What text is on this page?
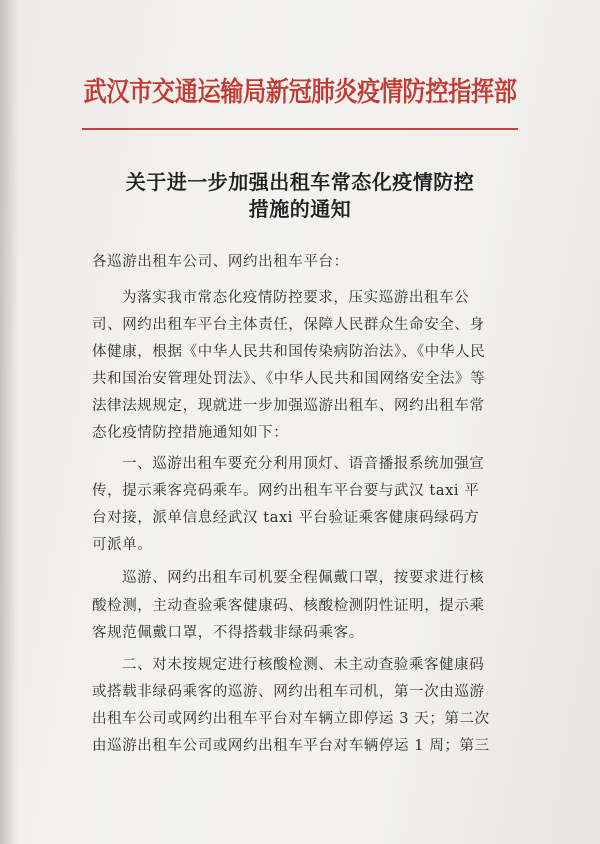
武汉市交通运输局新冠肺炎疫情防控指挥部
关于进一步加强出租车常态化疫情防控
措施的通知
各巡游出租车公司、网约出租车平台：
为落实我市常态化疫情防控要求，压实巡游出租车公
司、网约出租车平台主体责任，保障人民群众生命安全、身
体健康，根据《中华人民共和国传染病防治法》、《中华人民
共和国治安管理处罚法》、《中华人民共和国网络安全法》等
法律法规规定，现就进一步加强巡游出租车、网约出租车常
态化疫情防控措施通知如下：
一、巡游出租车要充分利用顶灯、语音播报系统加强宣
传，提示乘客亮码乘车。网约出租车平台要与武汉 taxi 平
台对接，派单信息经武汉 taxi 平台验证乘客健康码绿码方
可派单。
巡游、网约出租车司机要全程佩戴口罩，按要求进行核
酸检测，主动查验乘客健康码、核酸检测阴性证明，提示乘
客规范佩戴口罩，不得搭载非绿码乘客。
二、对未按规定进行核酸检测、未主动查验乘客健康码
或搭载非绿码乘客的巡游、网约出租车司机，第一次由巡游
出租车公司或网约出租车平台对车辆立即停运 3 天；第二次
由巡游出租车公司或网约出租车平台对车辆停运 1 周；第三
